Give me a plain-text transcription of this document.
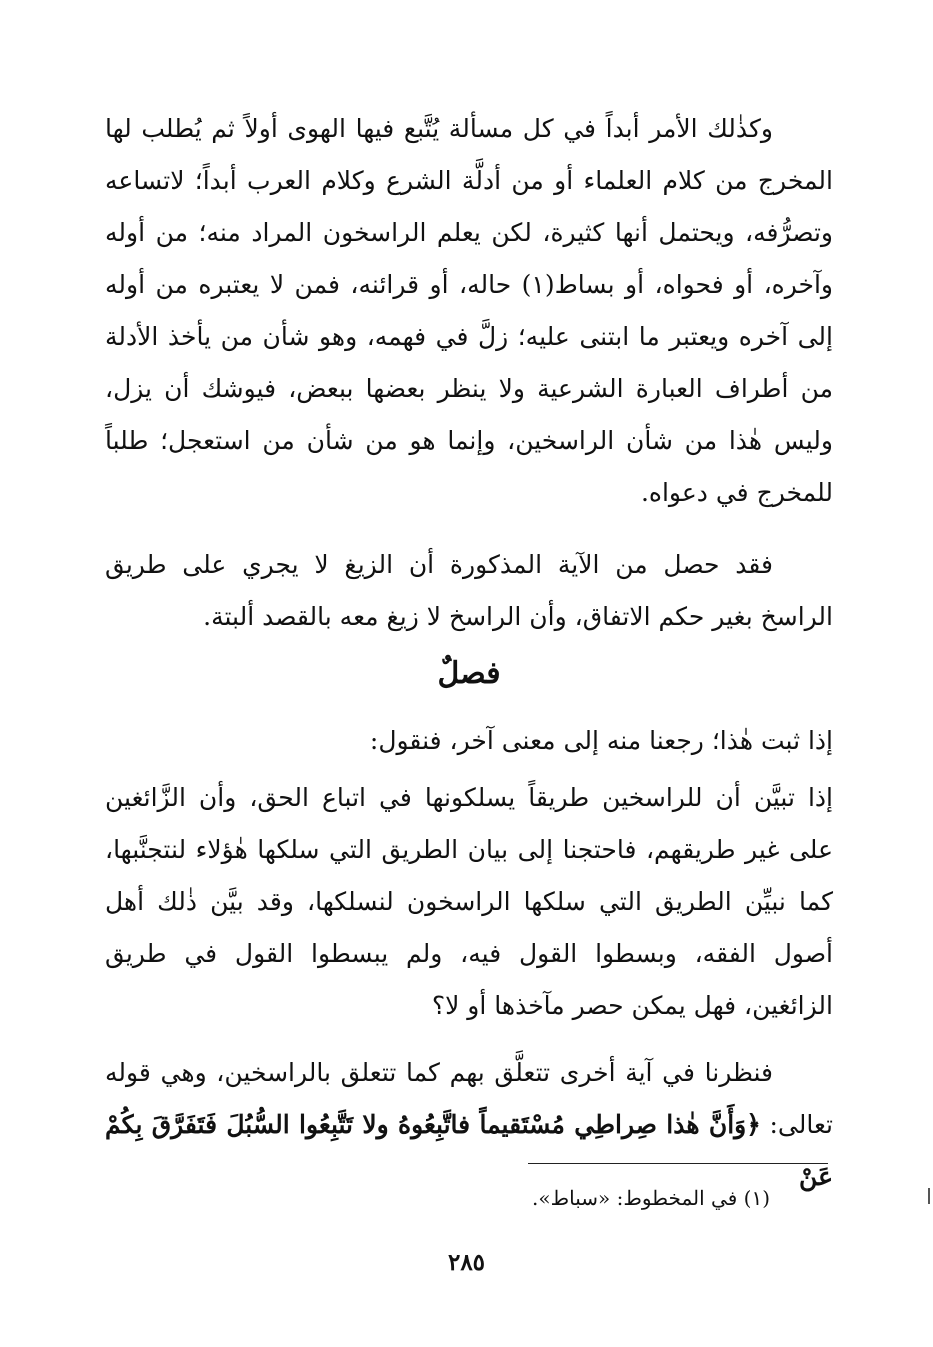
وكذٰلك الأمر أبداً في كل مسألة يُتَّبع فيها الهوى أولاً ثم يُطلب لها المخرج من كلام العلماء أو من أدلَّة الشرع وكلام العرب أبداً؛ لاتساعه وتصرُّفه، ويحتمل أنها كثيرة، لكن يعلم الراسخون المراد منه؛ من أوله وآخره، أو فحواه، أو بساط(١) حاله، أو قرائنه، فمن لا يعتبره من أوله إلى آخره ويعتبر ما ابتنى عليه؛ زلَّ في فهمه، وهو شأن من يأخذ الأدلة من أطراف العبارة الشرعية ولا ينظر بعضها ببعض، فيوشك أن يزل، وليس هٰذا من شأن الراسخين، وإنما هو من شأن من استعجل؛ طلباً للمخرج في دعواه.

فقد حصل من الآية المذكورة أن الزيغ لا يجري على طريق الراسخ بغير حكم الاتفاق، وأن الراسخ لا زيغ معه بالقصد ألبتة.

فصلٌ

إذا ثبت هٰذا؛ رجعنا منه إلى معنى آخر، فنقول:

إذا تبيَّن أن للراسخين طريقاً يسلكونها في اتباع الحق، وأن الزَّائغين على غير طريقهم، فاحتجنا إلى بيان الطريق التي سلكها هٰؤلاء لنتجنَّبها، كما نبيِّن الطريق التي سلكها الراسخون لنسلكها، وقد بيَّن ذٰلك أهل أصول الفقه، وبسطوا القول فيه، ولم يبسطوا القول في طريق الزائغين، فهل يمكن حصر مآخذها أو لا؟

فنظرنا في آية أخرى تتعلَّق بهم كما تتعلق بالراسخين، وهي قوله تعالى: ﴿وَأَنَّ هٰذا صِراطِي مُسْتَقيماً فاتَّبِعُوهُ ولا تَتَّبِعُوا السُّبُلَ فَتَفَرَّقَ بِكُمْ عَنْ

(١) في المخطوط: «سباط».
٢٨٥
